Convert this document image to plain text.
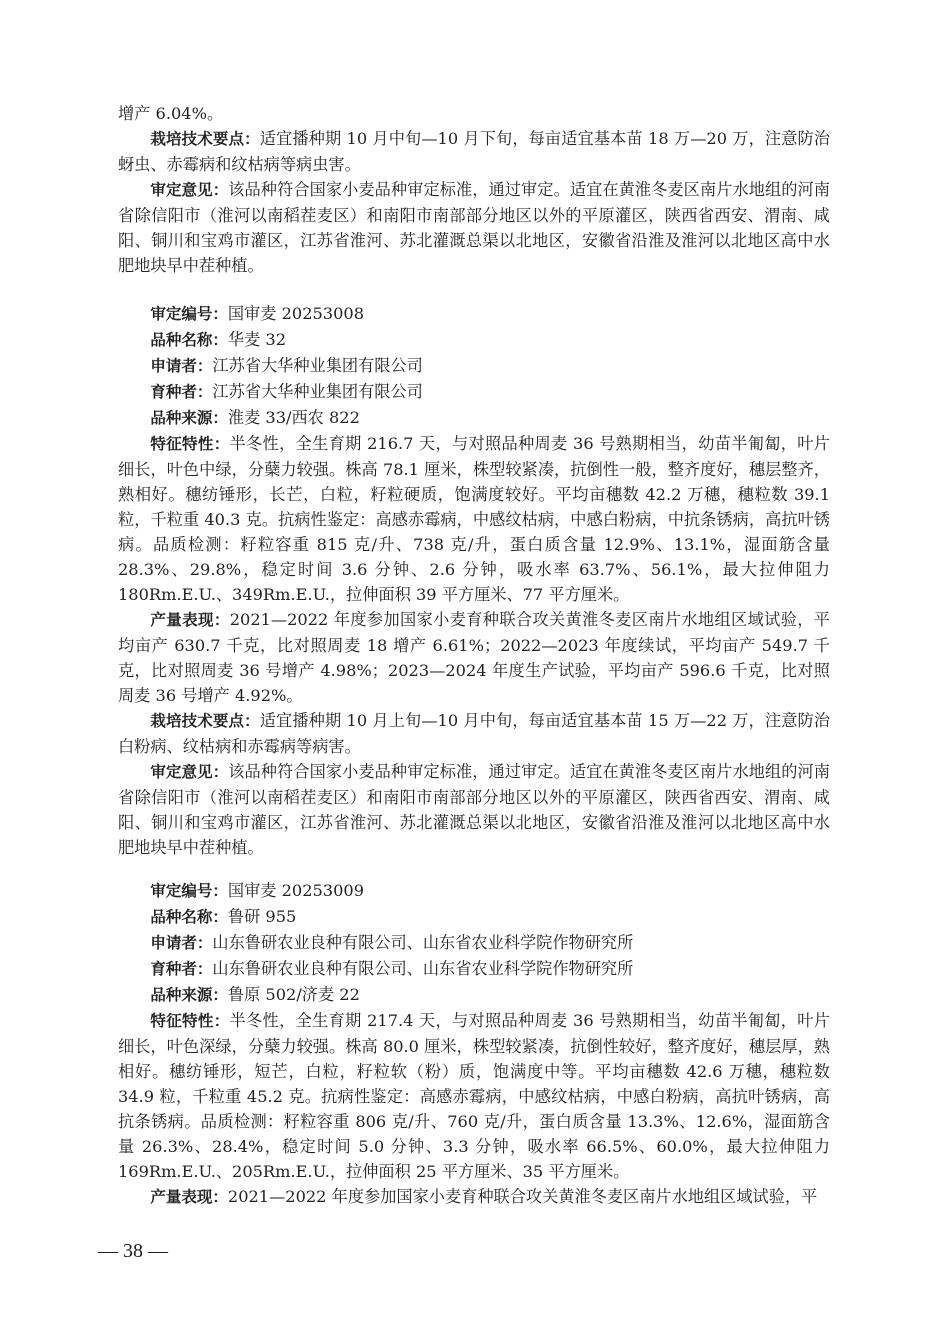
增产 6.04%。

栽培技术要点：适宜播种期 10 月中旬—10 月下旬，每亩适宜基本苗 18 万—20 万，注意防治蚜虫、赤霉病和纹枯病等病虫害。

审定意见：该品种符合国家小麦品种审定标准，通过审定。适宜在黄淮冬麦区南片水地组的河南省除信阳市（淮河以南稻茬麦区）和南阳市南部部分地区以外的平原灌区，陕西省西安、渭南、咸阳、铜川和宝鸡市灌区，江苏省淮河、苏北灌溉总渠以北地区，安徽省沿淮及淮河以北地区高中水肥地块早中茬种植。

审定编号：国审麦 20253008

品种名称：华麦 32

申请者：江苏省大华种业集团有限公司

育种者：江苏省大华种业集团有限公司

品种来源：淮麦 33/西农 822

特征特性：半冬性，全生育期 216.7 天，与对照品种周麦 36 号熟期相当，幼苗半匍匐，叶片细长，叶色中绿，分蘖力较强。株高 78.1 厘米，株型较紧凑，抗倒性一般，整齐度好，穗层整齐，熟相好。穗纺锤形，长芒，白粒，籽粒硬质，饱满度较好。平均亩穗数 42.2 万穗，穗粒数 39.1 粒，千粒重 40.3 克。抗病性鉴定：高感赤霉病，中感纹枯病，中感白粉病，中抗条锈病，高抗叶锈病。品质检测：籽粒容重 815 克/升、738 克/升，蛋白质含量 12.9%、13.1%，湿面筋含量 28.3%、29.8%，稳定时间 3.6 分钟、2.6 分钟，吸水率 63.7%、56.1%，最大拉伸阻力 180Rm.E.U.、349Rm.E.U.，拉伸面积 39 平方厘米、77 平方厘米。

产量表现：2021—2022 年度参加国家小麦育种联合攻关黄淮冬麦区南片水地组区域试验，平均亩产 630.7 千克，比对照周麦 18 增产 6.61%；2022—2023 年度续试，平均亩产 549.7 千克，比对照周麦 36 号增产 4.98%；2023—2024 年度生产试验，平均亩产 596.6 千克，比对照周麦 36 号增产 4.92%。

栽培技术要点：适宜播种期 10 月上旬—10 月中旬，每亩适宜基本苗 15 万—22 万，注意防治白粉病、纹枯病和赤霉病等病害。

审定意见：该品种符合国家小麦品种审定标准，通过审定。适宜在黄淮冬麦区南片水地组的河南省除信阳市（淮河以南稻茬麦区）和南阳市南部部分地区以外的平原灌区，陕西省西安、渭南、咸阳、铜川和宝鸡市灌区，江苏省淮河、苏北灌溉总渠以北地区，安徽省沿淮及淮河以北地区高中水肥地块早中茬种植。

审定编号：国审麦 20253009

品种名称：鲁研 955

申请者：山东鲁研农业良种有限公司、山东省农业科学院作物研究所

育种者：山东鲁研农业良种有限公司、山东省农业科学院作物研究所

品种来源：鲁原 502/济麦 22

特征特性：半冬性，全生育期 217.4 天，与对照品种周麦 36 号熟期相当，幼苗半匍匐，叶片细长，叶色深绿，分蘖力较强。株高 80.0 厘米，株型较紧凑，抗倒性较好，整齐度好，穗层厚，熟相好。穗纺锤形，短芒，白粒，籽粒软（粉）质，饱满度中等。平均亩穗数 42.6 万穗，穗粒数 34.9 粒，千粒重 45.2 克。抗病性鉴定：高感赤霉病，中感纹枯病，中感白粉病，高抗叶锈病，高抗条锈病。品质检测：籽粒容重 806 克/升、760 克/升，蛋白质含量 13.3%、12.6%，湿面筋含量 26.3%、28.4%，稳定时间 5.0 分钟、3.3 分钟，吸水率 66.5%、60.0%，最大拉伸阻力 169Rm.E.U.、205Rm.E.U.，拉伸面积 25 平方厘米、35 平方厘米。

产量表现：2021—2022 年度参加国家小麦育种联合攻关黄淮冬麦区南片水地组区域试验，平

— 38 —
